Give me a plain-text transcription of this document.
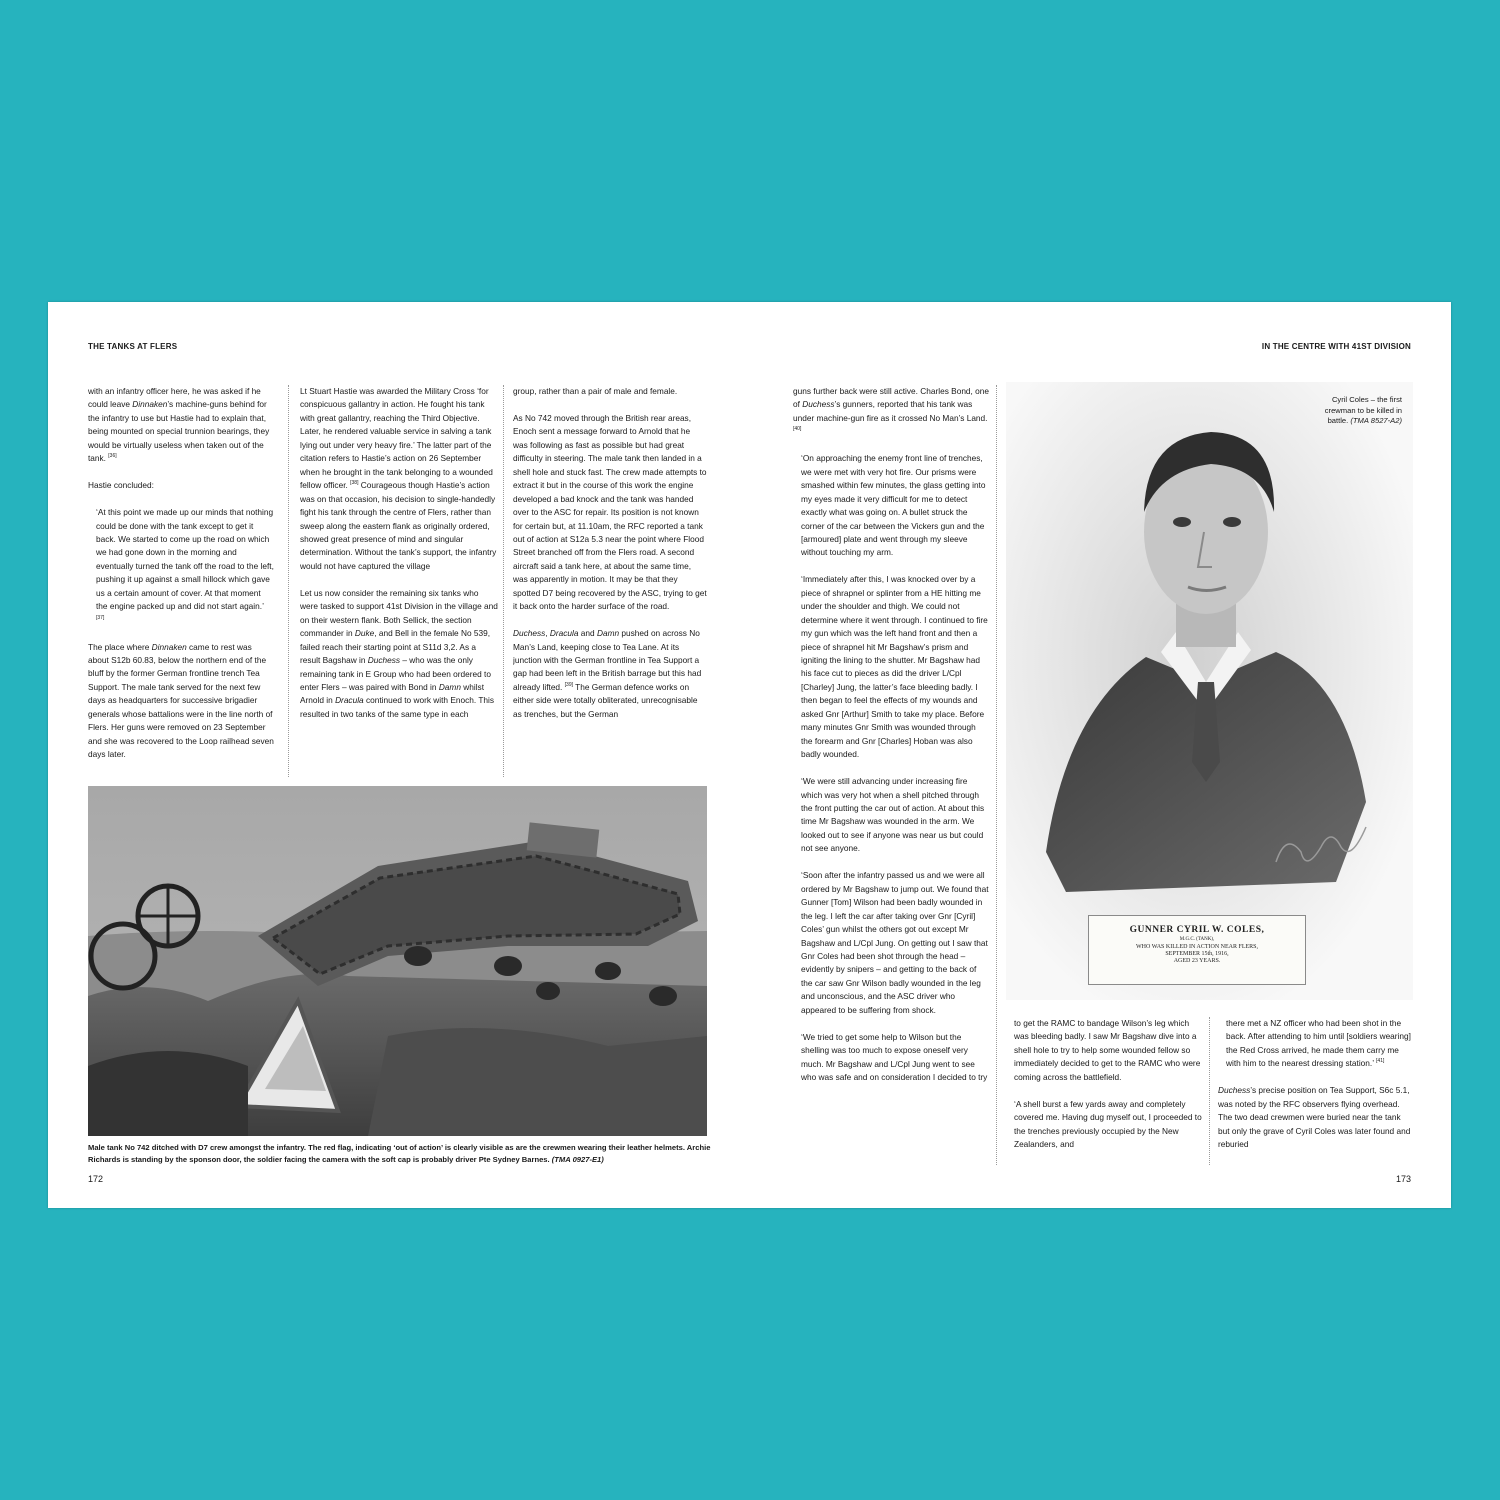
THE TANKS AT FLERS	IN THE CENTRE WITH 41ST DIVISION

with an infantry officer here, he was asked if he could leave Dinnaken’s machine-guns behind for the infantry to use but Hastie had to explain that, being mounted on special trunnion bearings, they would be virtually useless when taken out of the tank. [36]

Hastie concluded:

‘At this point we made up our minds that nothing could be done with the tank except to get it back. We started to come up the road on which we had gone down in the morning and eventually turned the tank off the road to the left, pushing it up against a small hillock which gave us a certain amount of cover. At that moment the engine packed up and did not start again.’ [37]

The place where Dinnaken came to rest was about S12b 60.83, below the northern end of the bluff by the former German frontline trench Tea Support. The male tank served for the next few days as headquarters for successive brigadier generals whose battalions were in the line north of Flers. Her guns were removed on 23 September and she was recovered to the Loop railhead seven days later.

Lt Stuart Hastie was awarded the Military Cross ‘for conspicuous gallantry in action. He fought his tank with great gallantry, reaching the Third Objective. Later, he rendered valuable service in salving a tank lying out under very heavy fire.’ The latter part of the citation refers to Hastie’s action on 26 September when he brought in the tank belonging to a wounded fellow officer. [38] Courageous though Hastie’s action was on that occasion, his decision to single-handedly fight his tank through the centre of Flers, rather than sweep along the eastern flank as originally ordered, showed great presence of mind and singular determination. Without the tank’s support, the infantry would not have captured the village

Let us now consider the remaining six tanks who were tasked to support 41st Division in the village and on their western flank. Both Sellick, the section commander in Duke, and Bell in the female No 539, failed reach their starting point at S11d 3,2. As a result Bagshaw in Duchess – who was the only remaining tank in E Group who had been ordered to enter Flers – was paired with Bond in Damn whilst Arnold in Dracula continued to work with Enoch. This resulted in two tanks of the same type in each

group, rather than a pair of male and female.

As No 742 moved through the British rear areas, Enoch sent a message forward to Arnold that he was following as fast as possible but had great difficulty in steering. The male tank then landed in a shell hole and stuck fast. The crew made attempts to extract it but in the course of this work the engine developed a bad knock and the tank was handed over to the ASC for repair. Its position is not known for certain but, at 11.10am, the RFC reported a tank out of action at S12a 5.3 near the point where Flood Street branched off from the Flers road. A second aircraft said a tank here, at about the same time, was apparently in motion. It may be that they spotted D7 being recovered by the ASC, trying to get it back onto the harder surface of the road.

Duchess, Dracula and Damn pushed on across No Man’s Land, keeping close to Tea Lane. At its junction with the German frontline in Tea Support a gap had been left in the British barrage but this had already lifted. [39] The German defence works on either side were totally obliterated, unrecognisable as trenches, but the German

Male tank No 742 ditched with D7 crew amongst the infantry. The red flag, indicating ‘out of action’ is clearly visible as are the crewmen wearing their leather helmets. Archie Richards is standing by the sponson door, the soldier facing the camera with the soft cap is probably driver Pte Sydney Barnes. (TMA 0927-E1)

guns further back were still active. Charles Bond, one of Duchess’s gunners, reported that his tank was under machine-gun fire as it crossed No Man’s Land. [40]

‘On approaching the enemy front line of trenches, we were met with very hot fire. Our prisms were smashed within few minutes, the glass getting into my eyes made it very difficult for me to detect exactly what was going on. A bullet struck the corner of the car between the Vickers gun and the [armoured] plate and went through my sleeve without touching my arm.

‘Immediately after this, I was knocked over by a piece of shrapnel or splinter from a HE hitting me under the shoulder and thigh. We could not determine where it went through. I continued to fire my gun which was the left hand front and then a piece of shrapnel hit Mr Bagshaw’s prism and igniting the lining to the shutter. Mr Bagshaw had his face cut to pieces as did the driver L/Cpl [Charley] Jung, the latter’s face bleeding badly. I then began to feel the effects of my wounds and asked Gnr [Arthur] Smith to take my place. Before many minutes Gnr Smith was wounded through the forearm and Gnr [Charles] Hoban was also badly wounded.

‘We were still advancing under increasing fire which was very hot when a shell pitched through the front putting the car out of action. At about this time Mr Bagshaw was wounded in the arm. We looked out to see if anyone was near us but could not see anyone.

‘Soon after the infantry passed us and we were all ordered by Mr Bagshaw to jump out. We found that Gunner [Tom] Wilson had been badly wounded in the leg. I left the car after taking over Gnr [Cyril] Coles’ gun whilst the others got out except Mr Bagshaw and L/Cpl Jung. On getting out I saw that Gnr Coles had been shot through the head – evidently by snipers – and getting to the back of the car saw Gnr Wilson badly wounded in the leg and unconscious, and the ASC driver who appeared to be suffering from shock.

‘We tried to get some help to Wilson but the shelling was too much to expose oneself very much. Mr Bagshaw and L/Cpl Jung went to see who was safe and on consideration I decided to try

Cyril Coles – the first crewman to be killed in battle. (TMA 8527-A2)
GUNNER CYRIL W. COLES,
M.G.C. (TANK),
WHO WAS KILLED IN ACTION NEAR FLERS,
SEPTEMBER 15th, 1916,
AGED 23 YEARS.

to get the RAMC to bandage Wilson’s leg which was bleeding badly. I saw Mr Bagshaw dive into a shell hole to try to help some wounded fellow so immediately decided to get to the RAMC who were coming across the battlefield.

‘A shell burst a few yards away and completely covered me. Having dug myself out, I proceeded to the trenches previously occupied by the New Zealanders, and

there met a NZ officer who had been shot in the back. After attending to him until [soldiers wearing] the Red Cross arrived, he made them carry me with him to the nearest dressing station.’ [41]

Duchess’s precise position on Tea Support, S6c 5.1, was noted by the RFC observers flying overhead. The two dead crewmen were buried near the tank but only the grave of Cyril Coles was later found and reburied

172	173
